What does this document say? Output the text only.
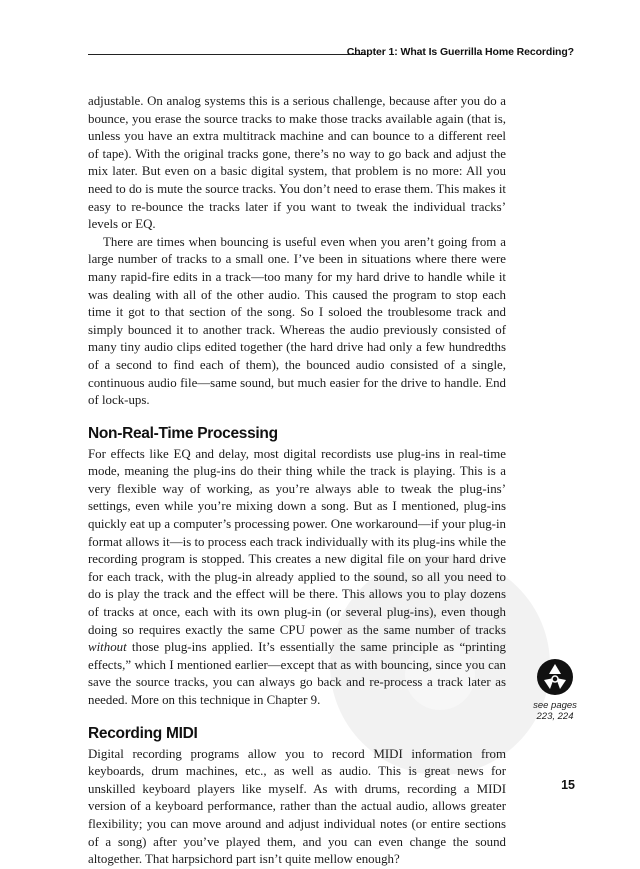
Chapter 1: What Is Guerrilla Home Recording?

adjustable. On analog systems this is a serious challenge, because after you do a bounce, you erase the source tracks to make those tracks available again (that is, unless you have an extra multitrack machine and can bounce to a different reel of tape). With the original tracks gone, there’s no way to go back and adjust the mix later. But even on a basic digital system, that problem is no more: All you need to do is mute the source tracks. You don’t need to erase them. This makes it easy to re-bounce the tracks later if you want to tweak the individual tracks’ levels or EQ.

There are times when bouncing is useful even when you aren’t going from a large number of tracks to a small one. I’ve been in situations where there were many rapid-fire edits in a track—too many for my hard drive to handle while it was dealing with all of the other audio. This caused the program to stop each time it got to that section of the song. So I soloed the troublesome track and simply bounced it to another track. Whereas the audio previously consisted of many tiny audio clips edited together (the hard drive had only a few hundredths of a second to find each of them), the bounced audio consisted of a single, continuous audio file—same sound, but much easier for the drive to handle. End of lock-ups.

Non-Real-Time Processing

For effects like EQ and delay, most digital recordists use plug-ins in real-time mode, meaning the plug-ins do their thing while the track is playing. This is a very flexible way of working, as you’re always able to tweak the plug-ins’ settings, even while you’re mixing down a song. But as I mentioned, plug-ins quickly eat up a computer’s processing power. One workaround—if your plug-in format allows it—is to process each track individually with its plug-ins while the recording program is stopped. This creates a new digital file on your hard drive for each track, with the plug-in already applied to the sound, so all you need to do is play the track and the effect will be there. This allows you to play dozens of tracks at once, each with its own plug-in (or several plug-ins), even though doing so requires exactly the same CPU power as the same number of tracks without those plug-ins applied. It’s essentially the same principle as “printing effects,” which I mentioned earlier—except that as with bouncing, since you can save the source tracks, you can always go back and re-process a track later as needed. More on this technique in Chapter 9.

Recording MIDI

Digital recording programs allow you to record MIDI information from keyboards, drum machines, etc., as well as audio. This is great news for unskilled keyboard players like myself. As with drums, recording a MIDI version of a keyboard performance, rather than the actual audio, allows greater flexibility; you can move around and adjust individual notes (or entire sections of a song) after you’ve played them, and you can even change the sound altogether. That harpsichord part isn’t quite mellow enough?

see pages
223, 224
15
